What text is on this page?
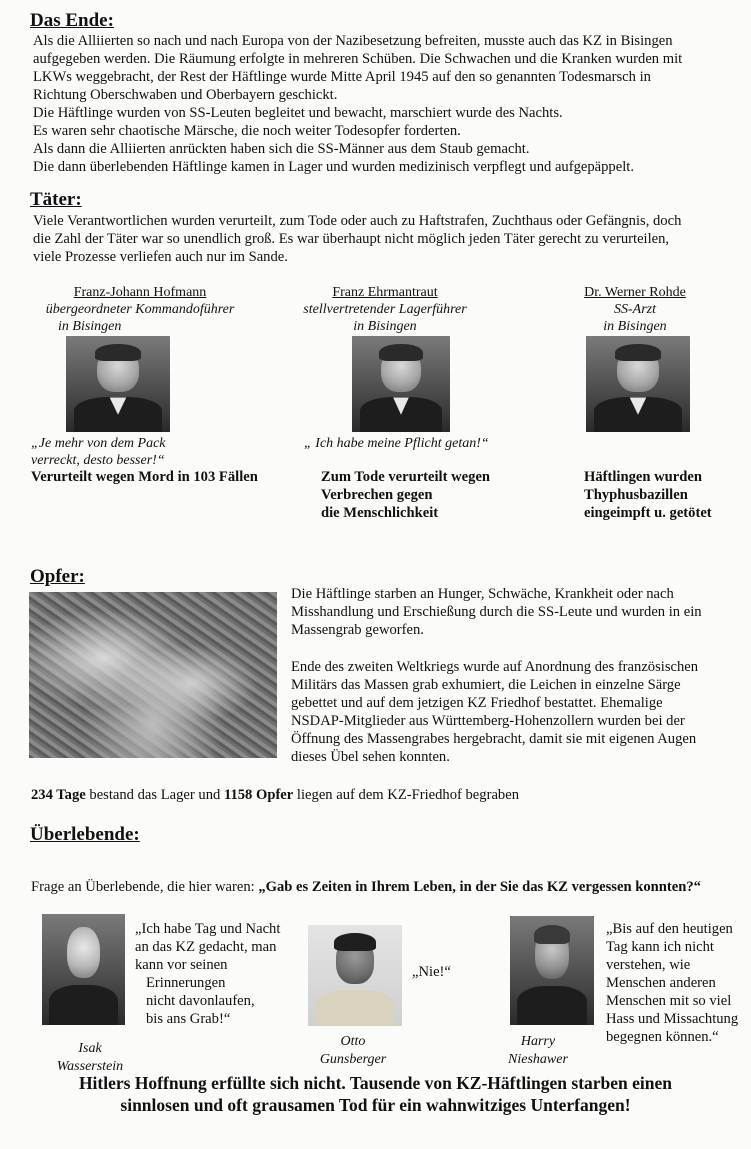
Das Ende:

Als die Alliierten so nach und nach Europa von der Nazibesetzung befreiten, musste auch das KZ in Bisingen

aufgegeben werden. Die Räumung erfolgte in mehreren Schüben. Die Schwachen und die Kranken wurden mit

LKWs weggebracht, der Rest der Häftlinge wurde Mitte April 1945 auf den so genannten Todesmarsch in

Richtung Oberschwaben und Oberbayern geschickt.

Die Häftlinge wurden von SS-Leuten begleitet und bewacht, marschiert wurde des Nachts.

Es waren sehr chaotische Märsche, die noch weiter Todesopfer forderten.

Als dann die Alliierten anrückten haben sich die SS-Männer aus dem Staub gemacht.

Die dann überlebenden Häftlinge kamen in Lager und wurden medizinisch verpflegt und aufgepäppelt.

Täter:

Viele Verantwortlichen wurden verurteilt, zum Tode oder auch zu Haftstrafen, Zuchthaus oder Gefängnis, doch

die Zahl der Täter war so unendlich groß. Es war überhaupt nicht möglich jeden Täter gerecht zu verurteilen,

viele Prozesse verliefen auch nur im Sande.

Franz-Johann Hofmann
übergeordneter Kommandoführer
in Bisingen
„Je mehr von dem Pack
verreckt, desto besser!“
Verurteilt wegen Mord in 103 Fällen
Franz Ehrmantraut
stellvertretender Lagerführer
in Bisingen
„ Ich habe meine Pflicht getan!“
Zum Tode verurteilt wegen
Verbrechen gegen
die Menschlichkeit
Dr. Werner Rohde
SS-Arzt
in Bisingen
Häftlingen wurden
Thyphusbazillen
eingeimpft u. getötet
Opfer:

Die Häftlinge starben an Hunger, Schwäche, Krankheit oder nach

Misshandlung und Erschießung durch die SS-Leute und wurden in ein

Massengrab geworfen.

Ende des zweiten Weltkriegs wurde auf Anordnung des französischen

Militärs das Massen grab exhumiert, die Leichen in einzelne Särge

gebettet und auf dem jetzigen KZ Friedhof bestattet. Ehemalige

NSDAP-Mitglieder aus Württemberg-Hohenzollern wurden bei der

Öffnung des Massengrabes hergebracht, damit sie mit eigenen Augen

dieses Übel sehen konnten.

234 Tage bestand das Lager und 1158 Opfer liegen auf dem KZ-Friedhof begraben
Überlebende:
Frage an Überlebende, die hier waren: „Gab es Zeiten in Ihrem Leben, in der Sie das KZ vergessen konnten?“
„Ich habe Tag und Nacht
an das KZ gedacht, man
kann vor seinen
Erinnerungen
nicht davonlaufen,
bis ans Grab!“
Isak
Wasserstein
„Nie!“
Otto
Gunsberger
„Bis auf den heutigen
Tag kann ich nicht
verstehen, wie
Menschen anderen
Menschen mit so viel
Hass und Missachtung
begegnen können.“
Harry
Nieshawer

Hitlers Hoffnung erfüllte sich nicht. Tausende von KZ-Häftlingen starben einen

sinnlosen und oft grausamen Tod für ein wahnwitziges Unterfangen!
